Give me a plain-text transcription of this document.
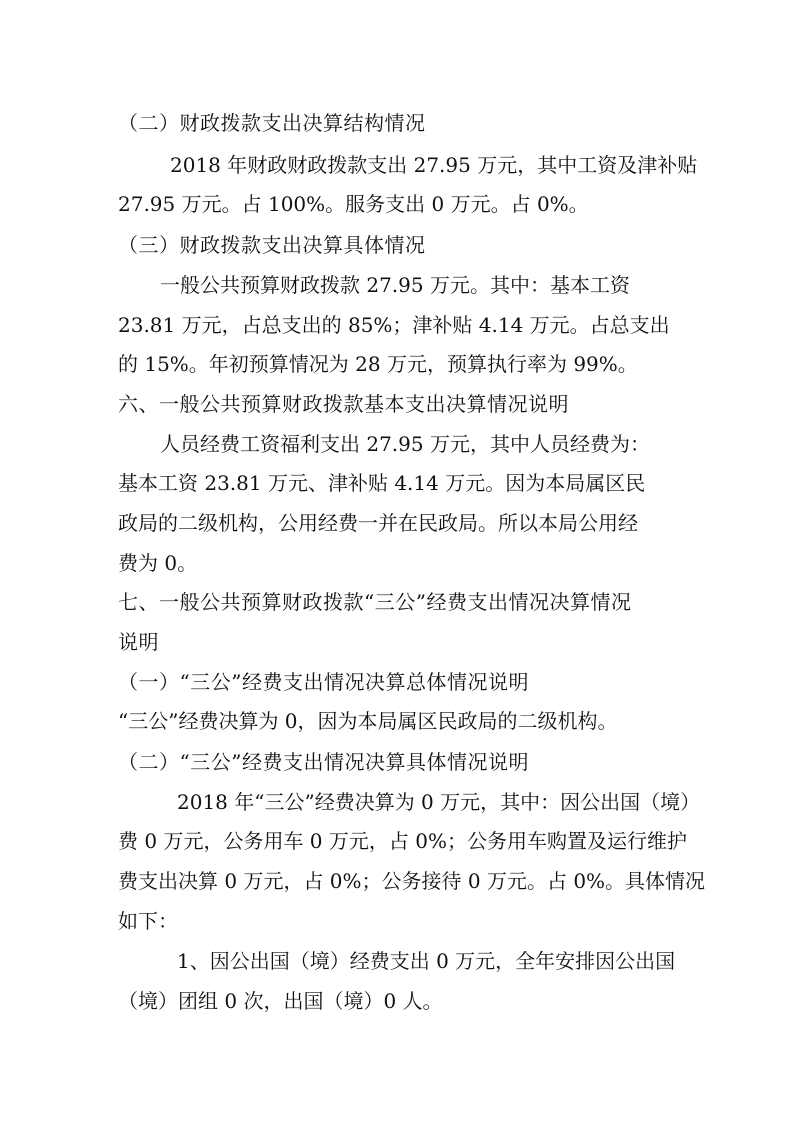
（二）财政拨款支出决算结构情况
2018 年财政财政拨款支出 27.95 万元，其中工资及津补贴
27.95 万元。占 100%。服务支出 0 万元。占 0%。
（三）财政拨款支出决算具体情况
一般公共预算财政拨款 27.95 万元。其中：基本工资
23.81 万元，占总支出的 85%；津补贴 4.14 万元。占总支出
的 15%。年初预算情况为 28 万元，预算执行率为 99%。
六、一般公共预算财政拨款基本支出决算情况说明
人员经费工资福利支出 27.95 万元，其中人员经费为：
基本工资 23.81 万元、津补贴 4.14 万元。因为本局属区民
政局的二级机构，公用经费一并在民政局。所以本局公用经
费为 0。
七、一般公共预算财政拨款“三公”经费支出情况决算情况
说明
（一）“三公”经费支出情况决算总体情况说明
“三公”经费决算为 0，因为本局属区民政局的二级机构。
（二）“三公”经费支出情况决算具体情况说明
2018 年“三公”经费决算为 0 万元，其中：因公出国（境）
费 0 万元，公务用车 0 万元，占 0%；公务用车购置及运行维护
费支出决算 0 万元，占 0%；公务接待 0 万元。占 0%。具体情况
如下：
1、因公出国（境）经费支出 0 万元，全年安排因公出国
（境）团组 0 次，出国（境）0 人。
